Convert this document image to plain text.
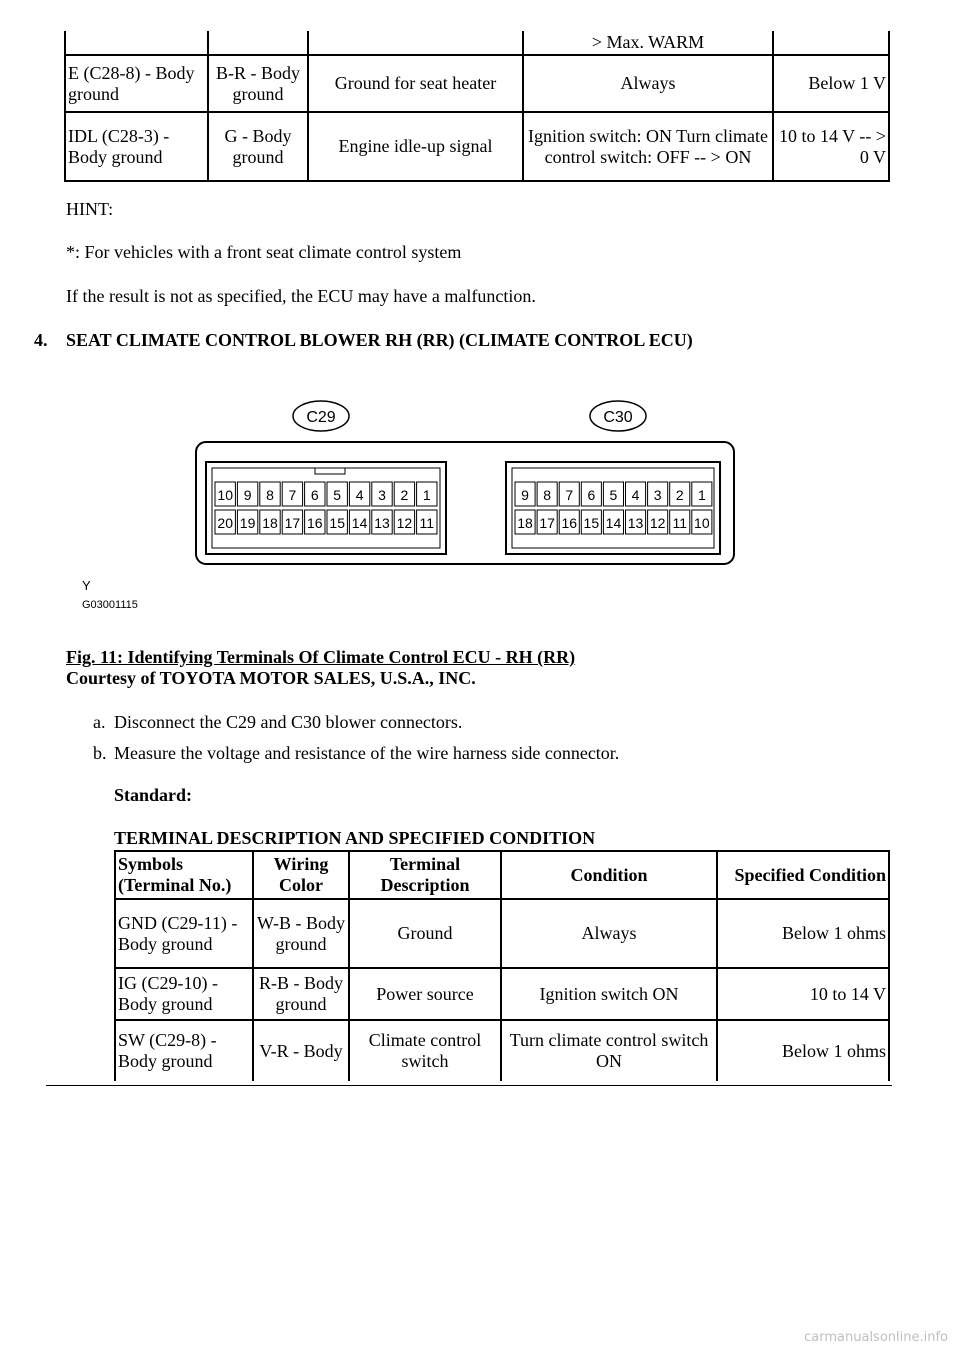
			> Max. WARM	
E (C28-8) - Body ground	B-R - Body ground	Ground for seat heater	Always	Below 1 V
IDL (C28-3) - Body ground	G - Body ground	Engine idle-up signal	Ignition switch: ON Turn climate control switch: OFF -- > ON	10 to 14 V -- > 0 V
HINT:
*: For vehicles with a front seat climate control system
If the result is not as specified, the ECU may have a malfunction.
4. SEAT CLIMATE CONTROL BLOWER RH (RR) (CLIMATE CONTROL ECU)
C29	C30
10 9 8 7 6 5 4 3 2 1
20 19 18 17 16 15 14 13 12 11
9 8 7 6 5 4 3 2 1
18 17 16 15 14 13 12 11 10
Y
G03001115
Fig. 11: Identifying Terminals Of Climate Control ECU - RH (RR)
Courtesy of TOYOTA MOTOR SALES, U.S.A., INC.
a. Disconnect the C29 and C30 blower connectors.
b. Measure the voltage and resistance of the wire harness side connector.
Standard:
TERMINAL DESCRIPTION AND SPECIFIED CONDITION
Symbols (Terminal No.)	Wiring Color	Terminal Description	Condition	Specified Condition
GND (C29-11) - Body ground	W-B - Body ground	Ground	Always	Below 1 ohms
IG (C29-10) - Body ground	R-B - Body ground	Power source	Ignition switch ON	10 to 14 V
SW (C29-8) - Body ground	V-R - Body	Climate control switch	Turn climate control switch ON	Below 1 ohms
carmanualsonline.info
